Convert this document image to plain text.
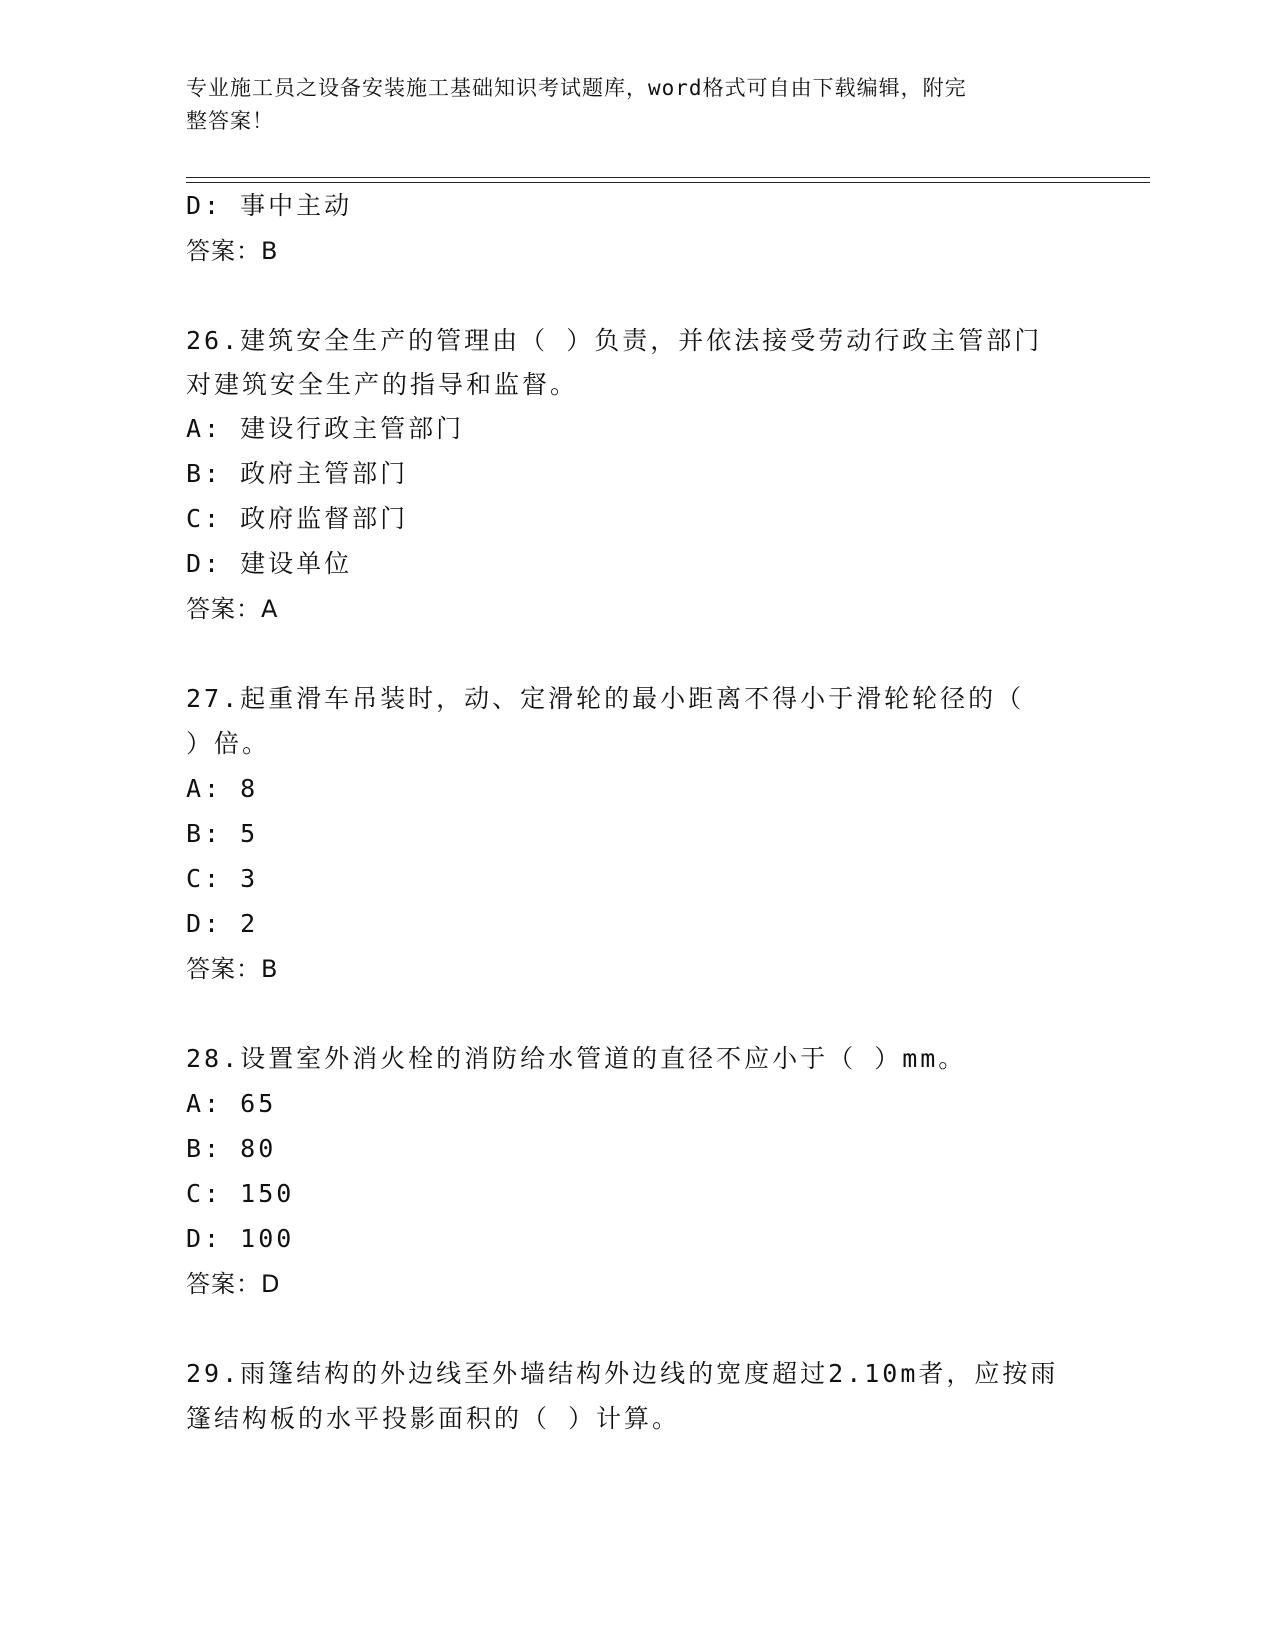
专业施工员之设备安装施工基础知识考试题库，word格式可自由下载编辑，附完
整答案！
D: 事中主动
答案：B
26.建筑安全生产的管理由（ ）负责，并依法接受劳动行政主管部门
对建筑安全生产的指导和监督。
A: 建设行政主管部门
B: 政府主管部门
C: 政府监督部门
D: 建设单位
答案：A
27.起重滑车吊装时，动、定滑轮的最小距离不得小于滑轮轮径的（
）倍。
A: 8
B: 5
C: 3
D: 2
答案：B
28.设置室外消火栓的消防给水管道的直径不应小于（ ）mm。
A: 65
B: 80
C: 150
D: 100
答案：D
29.雨篷结构的外边线至外墙结构外边线的宽度超过2.10m者，应按雨
篷结构板的水平投影面积的（ ）计算。
